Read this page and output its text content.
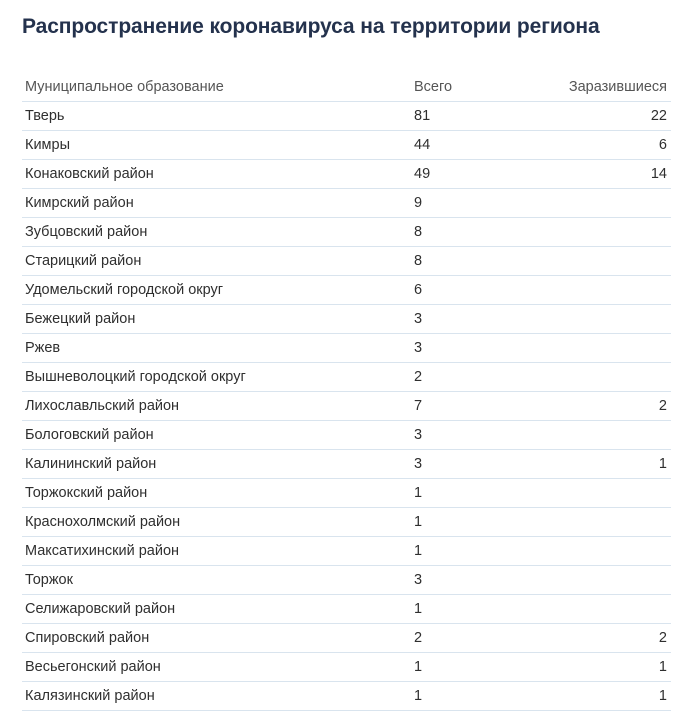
Распространение коронавируса на территории региона
Муниципальное образование	Всего	Заразившиеся
Тверь	81	22
Кимры	44	6
Конаковский район	49	14
Кимрский район	9	
Зубцовский район	8	
Старицкий район	8	
Удомельский городской округ	6	
Бежецкий район	3	
Ржев	3	
Вышневолоцкий городской округ	2	
Лихославльский район	7	2
Бологовский район	3	
Калининский район	3	1
Торжокский район	1	
Краснохолмский район	1	
Максатихинский район	1	
Торжок	3	
Селижаровский район	1	
Спировский район	2	2
Весьегонский район	1	1
Калязинский район	1	1
